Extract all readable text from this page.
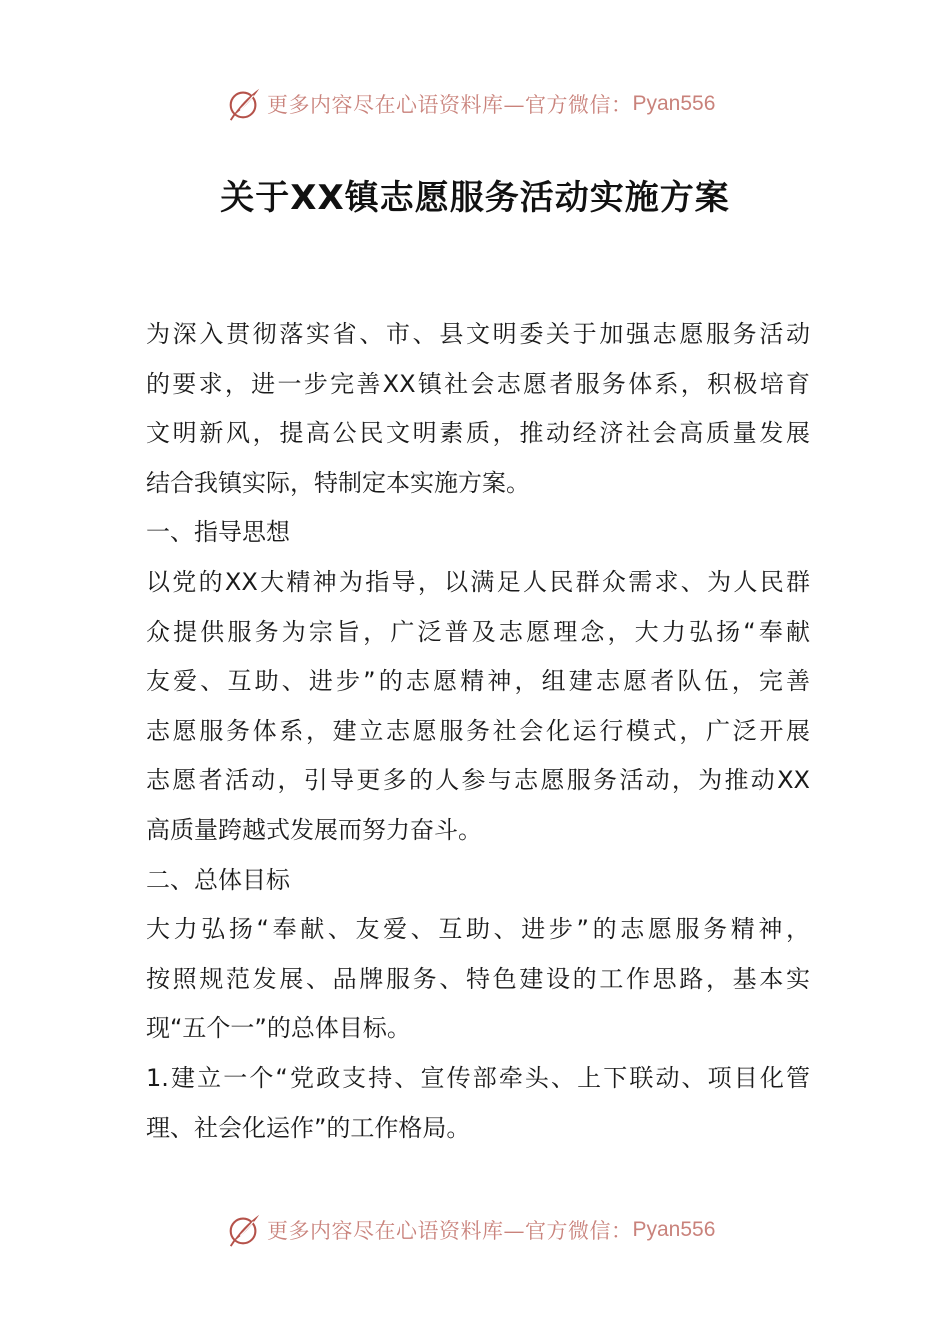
更多内容尽在心语资料库—官方微信： Pyan556
关于XX镇志愿服务活动实施方案
为深入贯彻落实省、市、县文明委关于加强志愿服务活动
的要求，进一步完善XX镇社会志愿者服务体系，积极培育
文明新风，提高公民文明素质，推动经济社会高质量发展
结合我镇实际，特制定本实施方案。
一、指导思想
以党的XX大精神为指导，以满足人民群众需求、为人民群
众提供服务为宗旨，广泛普及志愿理念，大力弘扬“奉献
友爱、互助、进步”的志愿精神，组建志愿者队伍，完善
志愿服务体系，建立志愿服务社会化运行模式，广泛开展
志愿者活动，引导更多的人参与志愿服务活动，为推动XX
高质量跨越式发展而努力奋斗。
二、总体目标
大力弘扬“奉献、友爱、互助、进步”的志愿服务精神，
按照规范发展、品牌服务、特色建设的工作思路，基本实
现“五个一”的总体目标。
1.建立一个“党政支持、宣传部牵头、上下联动、项目化管
理、社会化运作”的工作格局。
更多内容尽在心语资料库—官方微信： Pyan556
